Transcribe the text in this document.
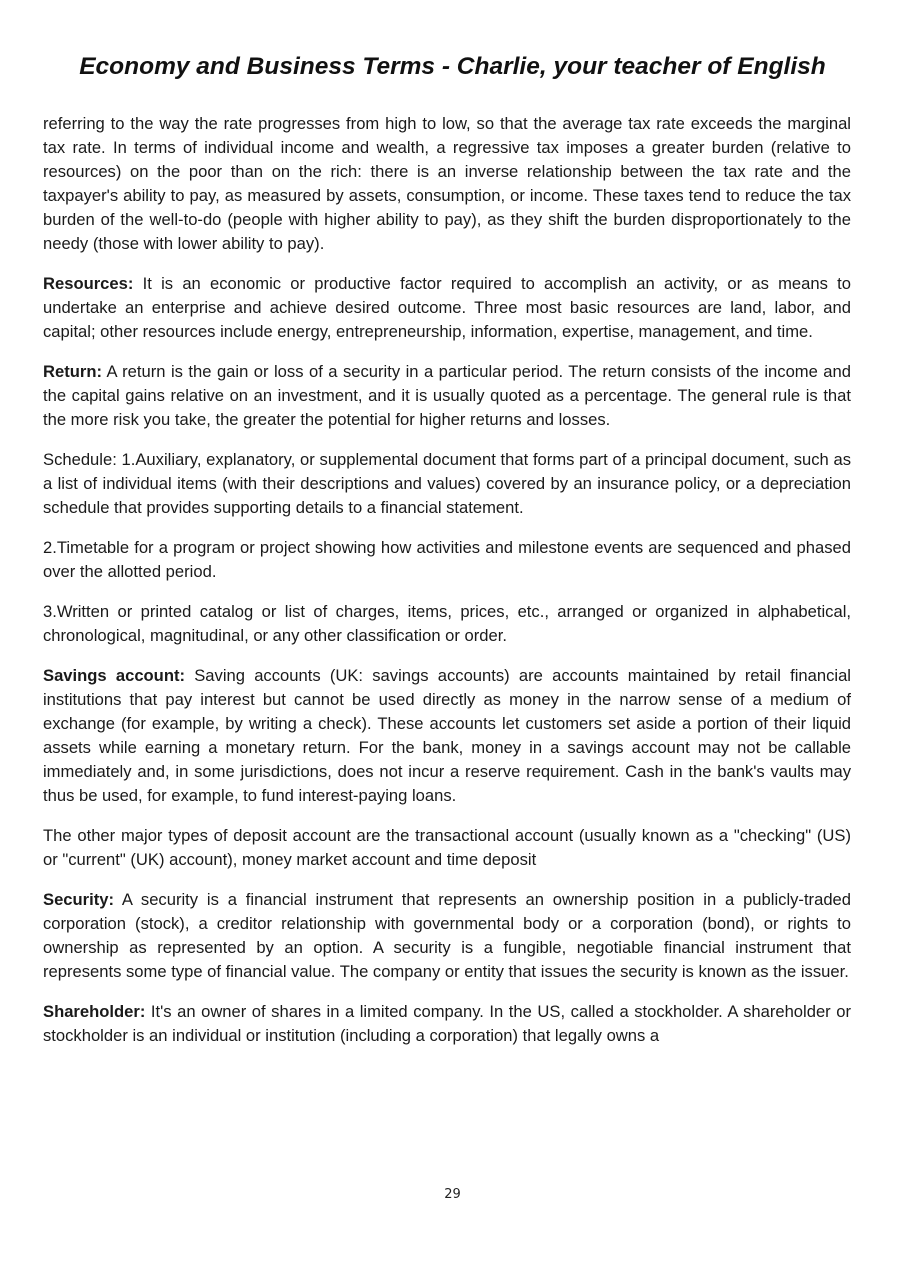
Economy and Business Terms - Charlie, your teacher of English

referring to the way the rate progresses from high to low, so that the average tax rate exceeds the marginal tax rate. In terms of individual income and wealth, a regressive tax imposes a greater burden (relative to resources) on the poor than on the rich: there is an inverse relationship between the tax rate and the taxpayer's ability to pay, as measured by assets, consumption, or income. These taxes tend to reduce the tax burden of the well-to-do (people with higher ability to pay), as they shift the burden disproportionately to the needy (those with lower ability to pay).

Resources: It is an economic or productive factor required to accomplish an activity, or as means to undertake an enterprise and achieve desired outcome. Three most basic resources are land, labor, and capital; other resources include energy, entrepreneurship, information, expertise, management, and time.

Return: A return is the gain or loss of a security in a particular period. The return consists of the income and the capital gains relative on an investment, and it is usually quoted as a percentage. The general rule is that the more risk you take, the greater the potential for higher returns and losses.

Schedule: 1.Auxiliary, explanatory, or supplemental document that forms part of a principal document, such as a list of individual items (with their descriptions and values) covered by an insurance policy, or a depreciation schedule that provides supporting details to a financial statement.

2.Timetable for a program or project showing how activities and milestone events are sequenced and phased over the allotted period.

3.Written or printed catalog or list of charges, items, prices, etc., arranged or organized in alphabetical, chronological, magnitudinal, or any other classification or order.

Savings account: Saving accounts (UK: savings accounts) are accounts maintained by retail financial institutions that pay interest but cannot be used directly as money in the narrow sense of a medium of exchange (for example, by writing a check). These accounts let customers set aside a portion of their liquid assets while earning a monetary return. For the bank, money in a savings account may not be callable immediately and, in some jurisdictions, does not incur a reserve requirement. Cash in the bank's vaults may thus be used, for example, to fund interest-paying loans.

The other major types of deposit account are the transactional account (usually known as a "checking" (US) or "current" (UK) account), money market account and time deposit

Security: A security is a financial instrument that represents an ownership position in a publicly-traded corporation (stock), a creditor relationship with governmental body or a corporation (bond), or rights to ownership as represented by an option. A security is a fungible, negotiable financial instrument that represents some type of financial value. The company or entity that issues the security is known as the issuer.

Shareholder: It's an owner of shares in a limited company. In the US, called a stockholder. A shareholder or stockholder is an individual or institution (including a corporation) that legally owns a

29
